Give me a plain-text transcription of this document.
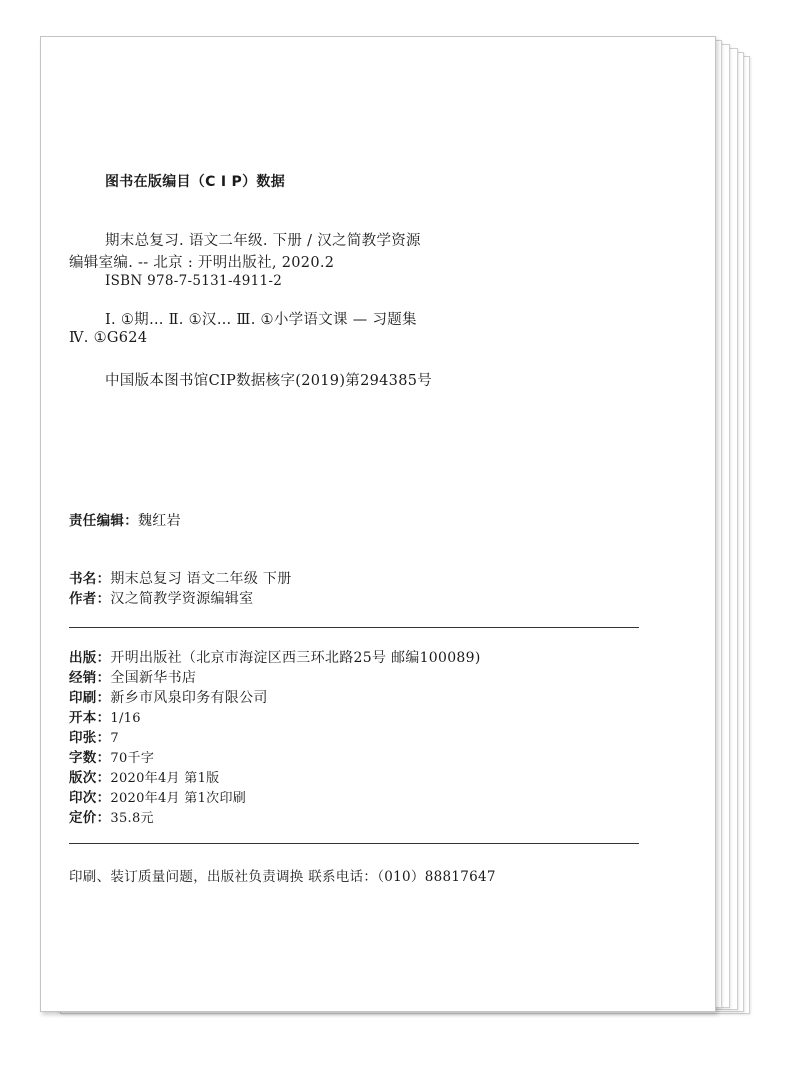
图书在版编目（C I P）数据
期末总复习. 语文二年级. 下册 / 汉之简教学资源
编辑室编. -- 北京 : 开明出版社, 2020.2
ISBN 978-7-5131-4911-2
Ⅰ. ①期… Ⅱ. ①汉… Ⅲ. ①小学语文课 — 习题集
Ⅳ. ①G624
中国版本图书馆CIP数据核字(2019)第294385号
责任编辑：魏红岩
书名：期末总复习 语文二年级 下册
作者：汉之简教学资源编辑室
出版：开明出版社（北京市海淀区西三环北路25号 邮编100089)
经销：全国新华书店
印刷：新乡市风泉印务有限公司
开本：1/16
印张：7
字数：70千字
版次：2020年4月 第1版
印次：2020年4月 第1次印刷
定价：35.8元
印刷、装订质量问题，出版社负责调换 联系电话：（010）88817647
